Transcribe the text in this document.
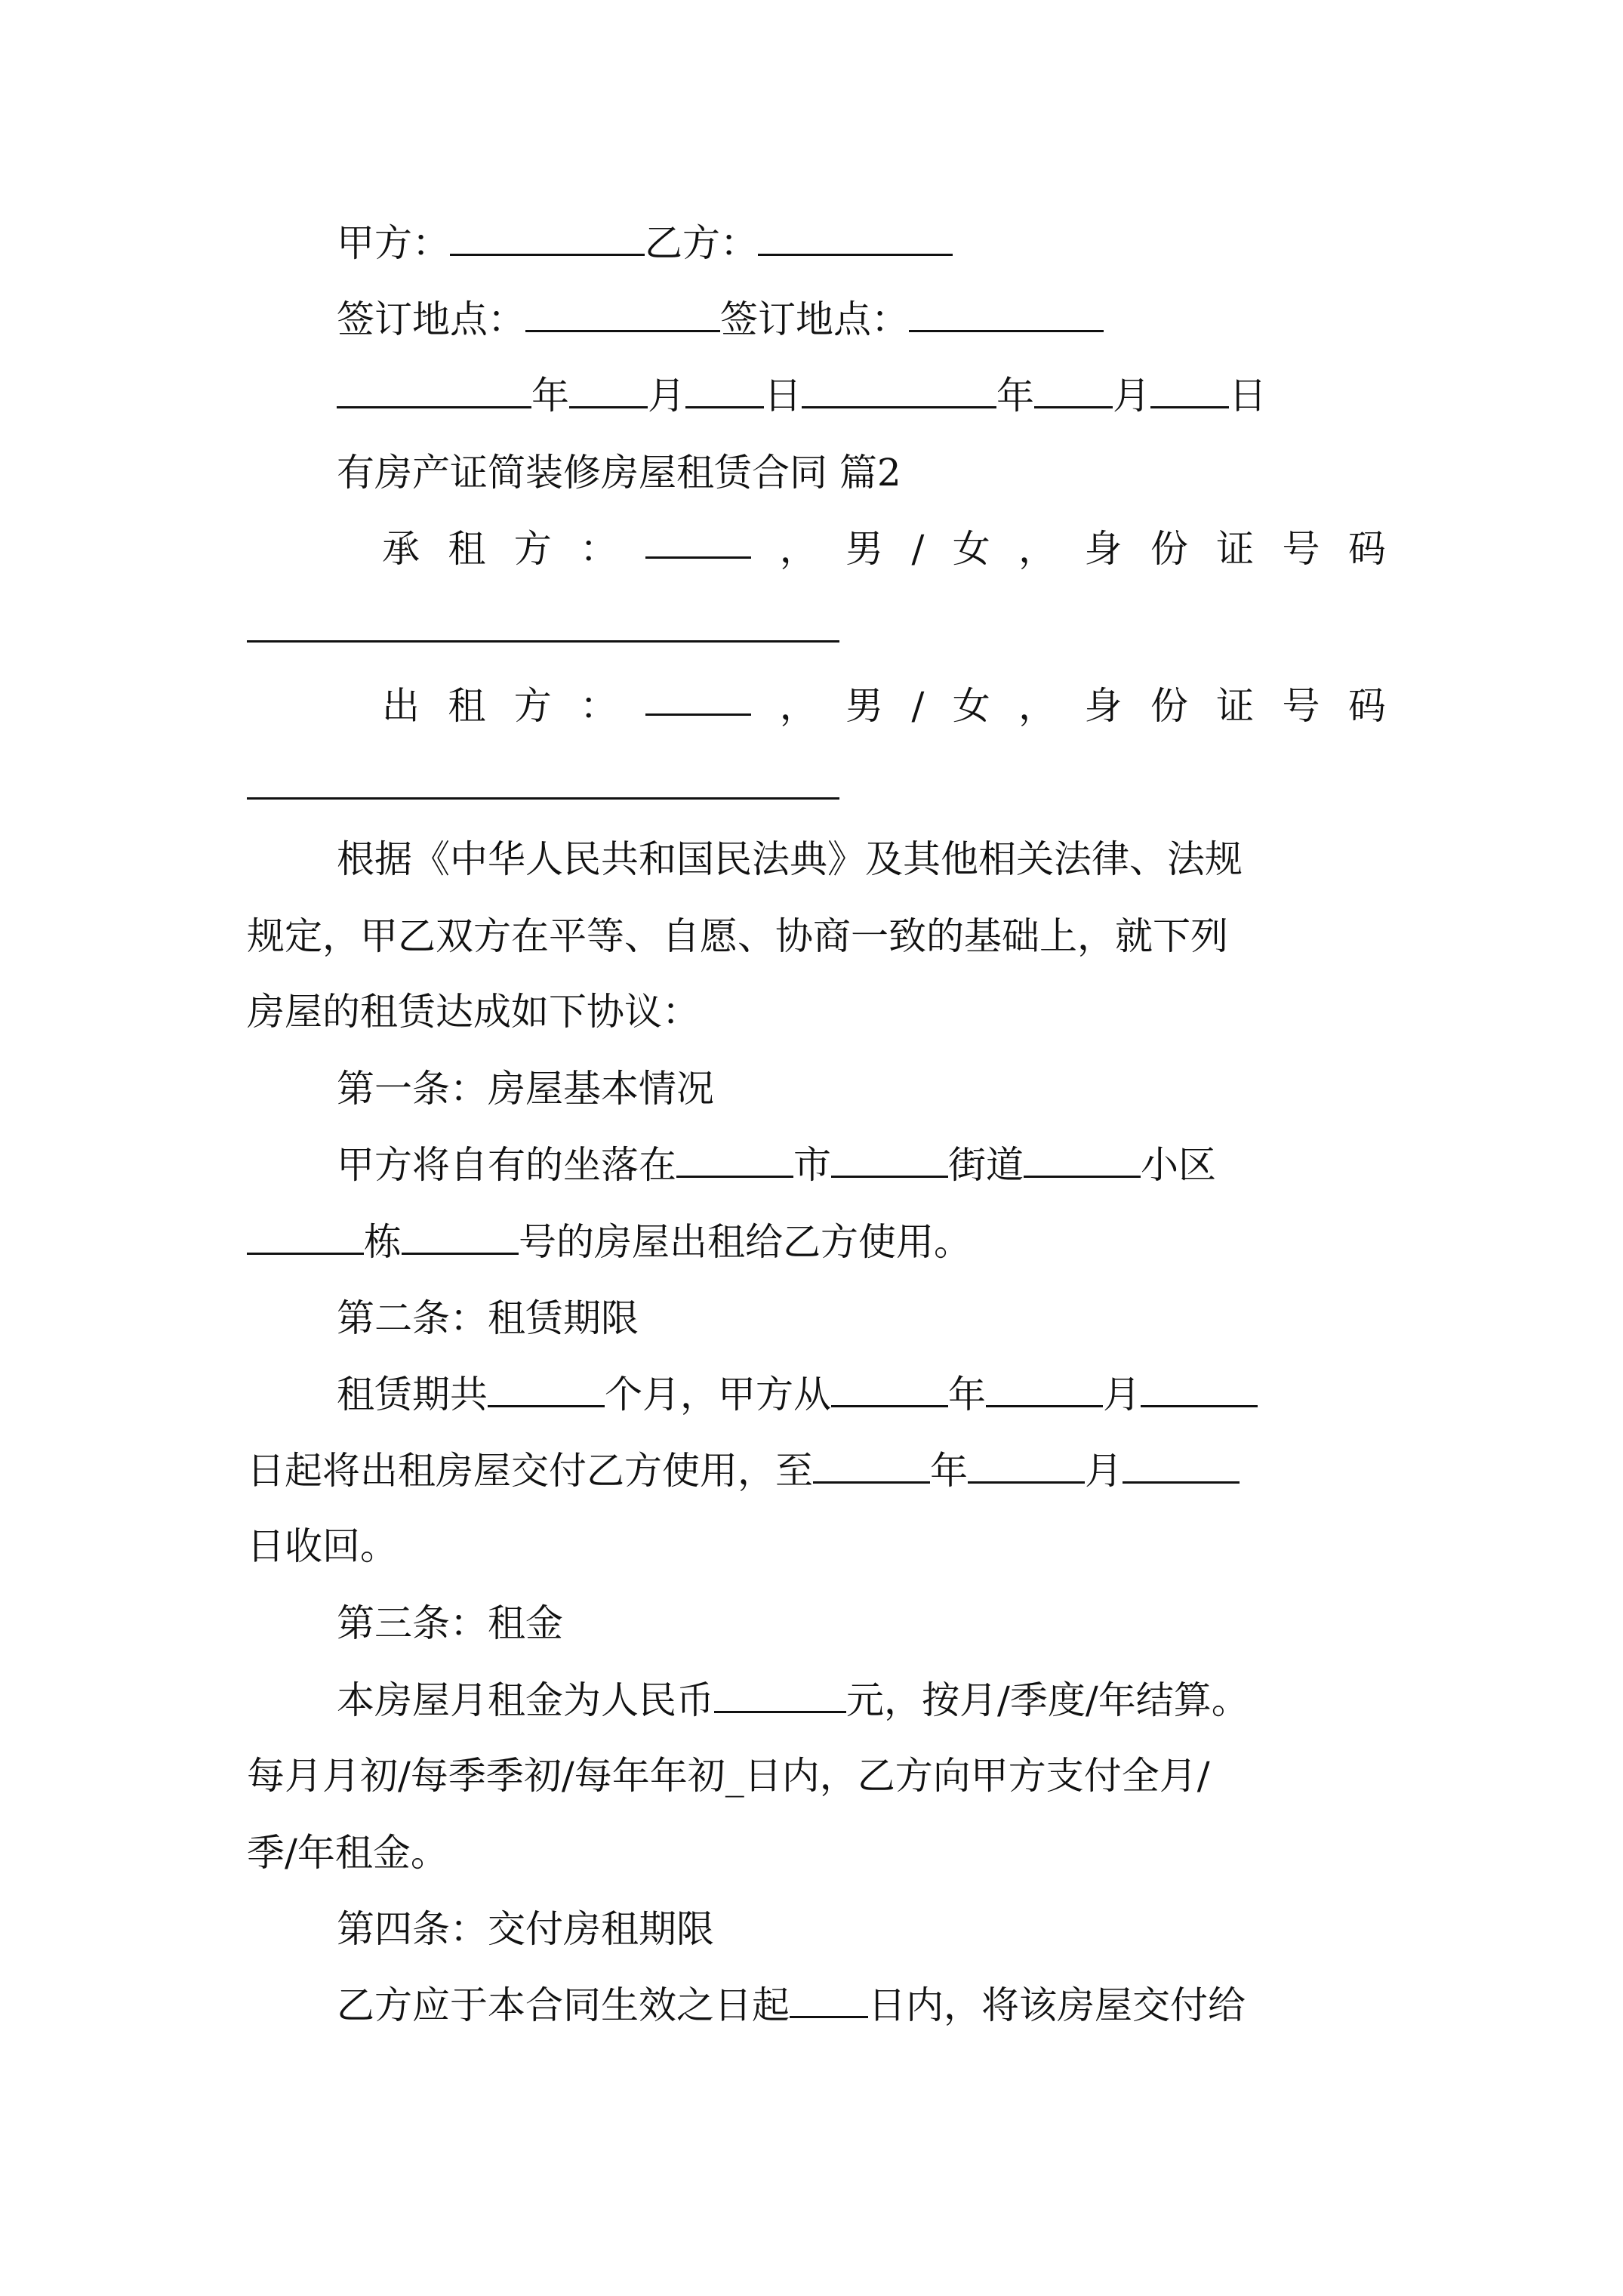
甲方：	乙方：
签订地点：	签订地点：
年 月 日	年 月 日
有房产证简装修房屋租赁合同 篇2
承 租 方 ：	， 男 / 女 ， 身 份 证 号 码
出 租 方 ：	， 男 / 女 ， 身 份 证 号 码
根据《中华人民共和国民法典》及其他相关法律、法规
规定，甲乙双方在平等、自愿、协商一致的基础上，就下列
房屋的租赁达成如下协议：
第一条：房屋基本情况
甲方将自有的坐落在	市	街道	小区
栋	号的房屋出租给乙方使用。
第二条：租赁期限
租赁期共	个月，甲方从	年	月
日起将出租房屋交付乙方使用，至	年	月
日收回。
第三条：租金
本房屋月租金为人民币	元，按月/季度/年结算。
每月月初/每季季初/每年年初_日内，乙方向甲方支付全月/
季/年租金。
第四条：交付房租期限
乙方应于本合同生效之日起 日内，将该房屋交付给
